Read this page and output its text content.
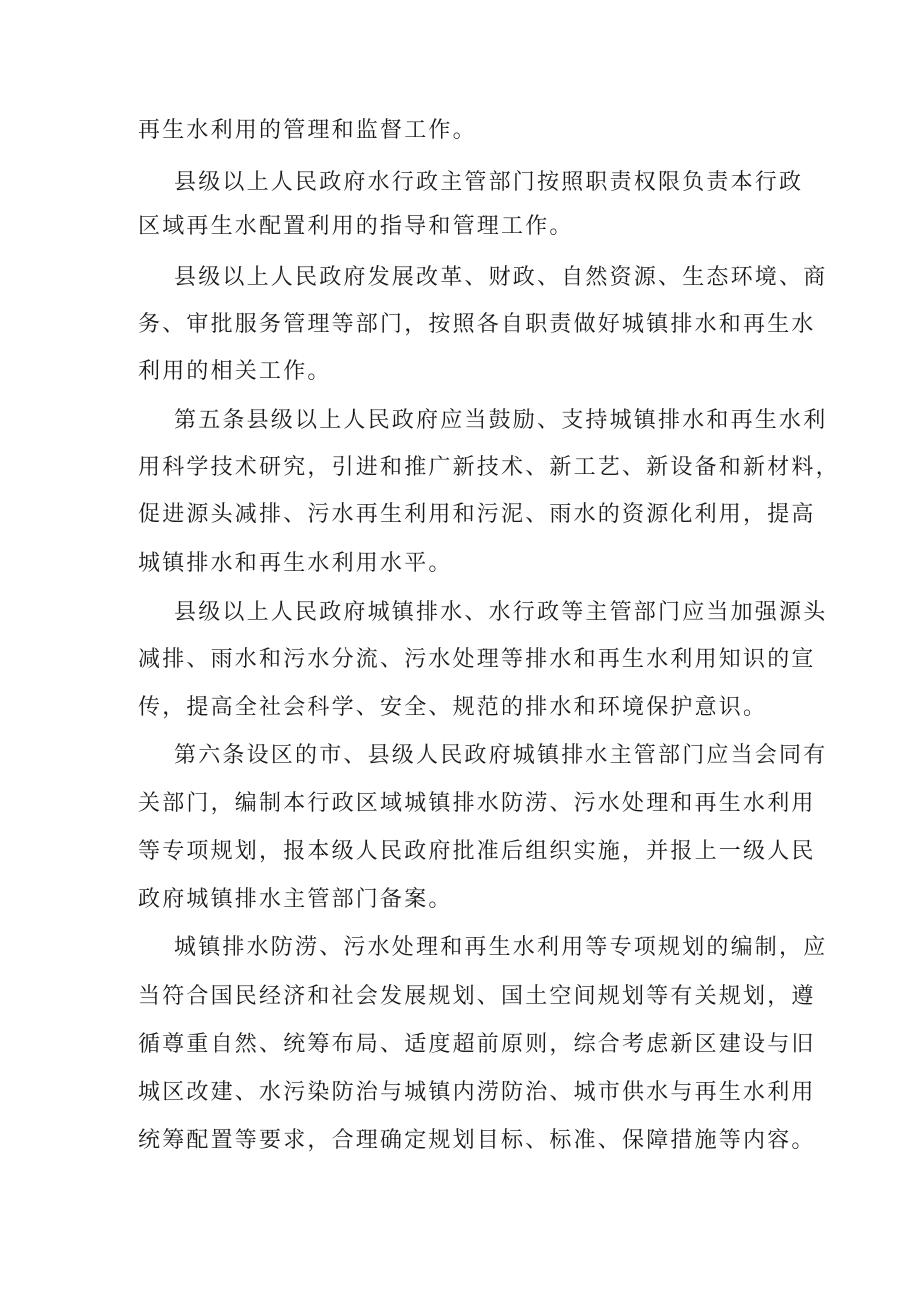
再生水利用的管理和监督工作。
县级以上人民政府水行政主管部门按照职责权限负责本行政
区域再生水配置利用的指导和管理工作。
县级以上人民政府发展改革、财政、自然资源、生态环境、商
务、审批服务管理等部门，按照各自职责做好城镇排水和再生水
利用的相关工作。
第五条县级以上人民政府应当鼓励、支持城镇排水和再生水利
用科学技术研究，引进和推广新技术、新工艺、新设备和新材料，
促进源头减排、污水再生利用和污泥、雨水的资源化利用，提高
城镇排水和再生水利用水平。
县级以上人民政府城镇排水、水行政等主管部门应当加强源头
减排、雨水和污水分流、污水处理等排水和再生水利用知识的宣
传，提高全社会科学、安全、规范的排水和环境保护意识。
第六条设区的市、县级人民政府城镇排水主管部门应当会同有
关部门，编制本行政区域城镇排水防涝、污水处理和再生水利用
等专项规划，报本级人民政府批准后组织实施，并报上一级人民
政府城镇排水主管部门备案。
城镇排水防涝、污水处理和再生水利用等专项规划的编制，应
当符合国民经济和社会发展规划、国土空间规划等有关规划，遵
循尊重自然、统筹布局、适度超前原则，综合考虑新区建设与旧
城区改建、水污染防治与城镇内涝防治、城市供水与再生水利用
统筹配置等要求，合理确定规划目标、标准、保障措施等内容。
